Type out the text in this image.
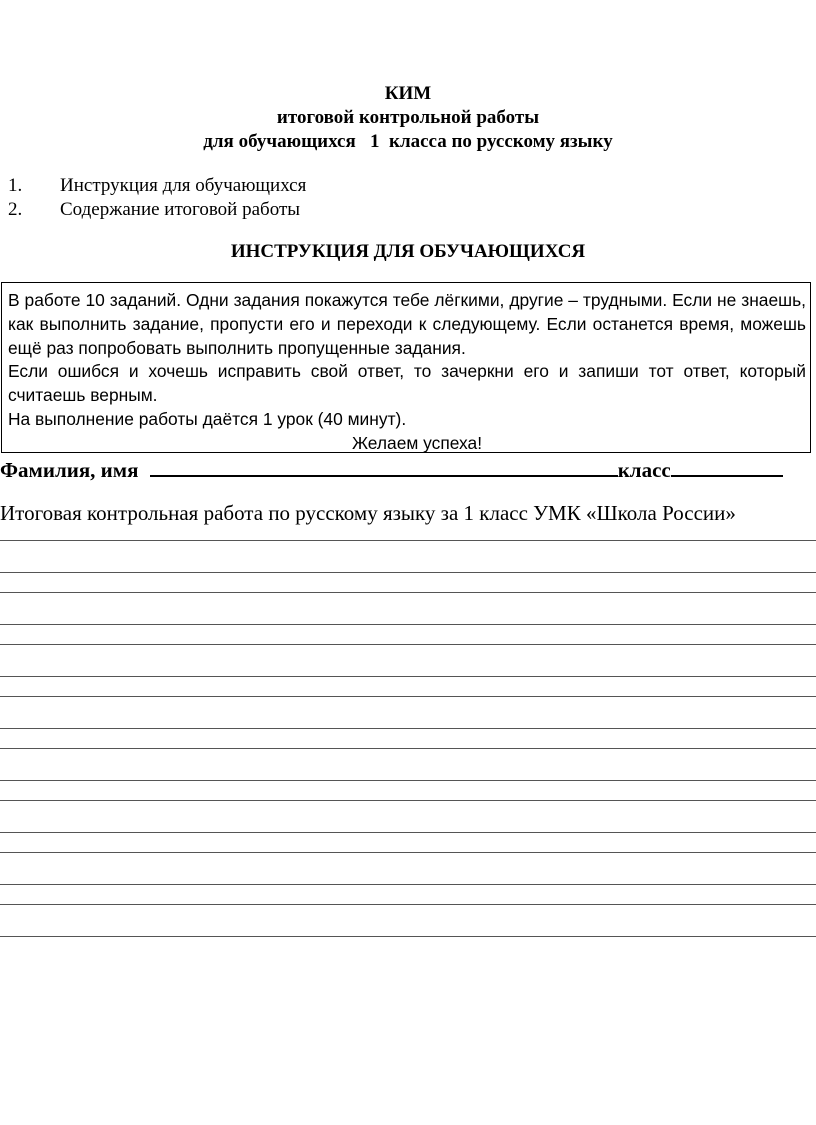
КИМ
итоговой контрольной работы
для обучающихся   1  класса по русскому языку
1. Инструкция для обучающихся
2. Содержание итоговой работы
ИНСТРУКЦИЯ ДЛЯ ОБУЧАЮЩИХСЯ

В работе 10 заданий. Одни задания покажутся тебе лёгкими, другие – трудными. Если не знаешь, как выполнить задание, пропусти его и переходи к следующему. Если останется время, можешь ещё раз попробовать выполнить пропущенные задания.

Если ошибся и хочешь исправить свой ответ, то зачеркни его и запиши тот ответ, который считаешь верным.

На выполнение работы даётся 1 урок (40 минут).

Желаем успеха!

Фамилия, имя	класс
Итоговая контрольная работа по русскому языку за 1 класс УМК «Школа России»
